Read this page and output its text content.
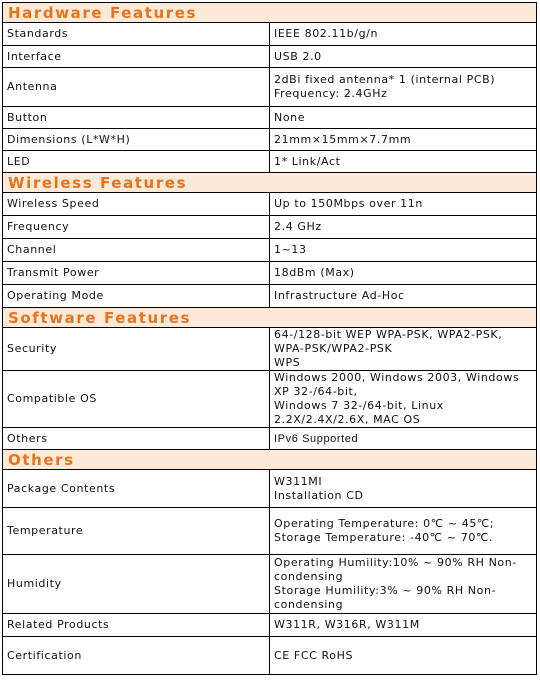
Hardware Features	
Standards	IEEE 802.11b/g/n
Interface	USB 2.0
Antenna	2dBi fixed antenna* 1 (internal PCB) Frequency: 2.4GHz
Button	None
Dimensions (L*W*H)	21mm×15mm×7.7mm
LED	1* Link/Act
Wireless Features	
Wireless Speed	Up to 150Mbps over 11n
Frequency	2.4 GHz
Channel	1~13
Transmit Power	18dBm (Max)
Operating Mode	Infrastructure Ad-Hoc
Software Features	
Security	64-/128-bit WEP WPA-PSK, WPA2-PSK, WPA-PSK/WPA2-PSK
WPS

Compatible OS	Windows 2000, Windows 2003, Windows XP 32-/64-bit,
Windows 7 32-/64-bit, Linux 2.2X/2.4X/2.6X, MAC OS

Others	IPv6 Supported
Others	
Package Contents	W311MI
Installation CD

Temperature	Operating Temperature: 0℃ ~ 45℃;
Storage Temperature: -40℃ ~ 70℃.

Humidity	Operating Humility:10% ~ 90% RH Non-condensing
Storage Humility:3% ~ 90% RH Non-condensing

Related Products	W311R, W316R, W311M
Certification	CE FCC RoHS
